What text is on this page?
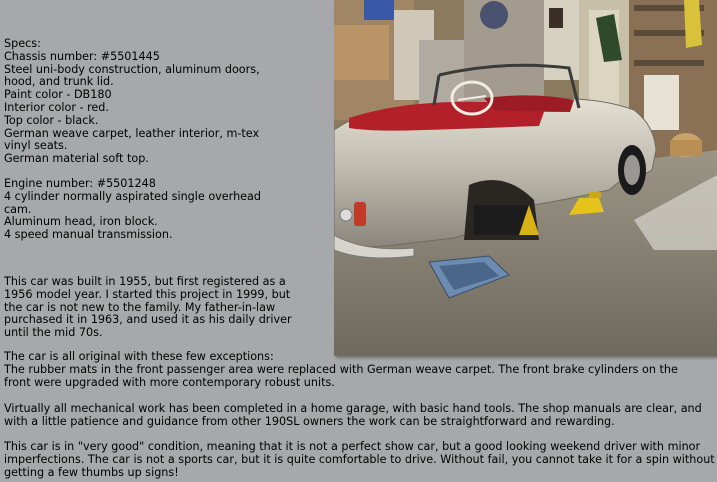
Specs:

Chassis number: #5501445

Steel uni-body construction, aluminum doors,

hood, and trunk lid.

Paint color - DB180

Interior color - red.

Top color - black.

German weave carpet, leather interior, m-tex

vinyl seats.

German material soft top.

Engine number: #5501248

4 cylinder normally aspirated single overhead

cam.

Aluminum head, iron block.

4 speed manual transmission.

This car was built in 1955, but first registered as a

1956 model year. I started this project in 1999, but

the car is not new to the family. My father-in-law

purchased it in 1963, and used it as his daily driver

until the mid 70s.

The car is all original with these few exceptions:

The rubber mats in the front passenger area were replaced with German weave carpet. The front brake cylinders on the

front were upgraded with more contemporary robust units.

Virtually all mechanical work has been completed in a home garage, with basic hand tools. The shop manuals are clear, and

with a little patience and guidance from other 190SL owners the work can be straightforward and rewarding.

This car is in "very good" condition, meaning that it is not a perfect show car, but a good looking weekend driver with minor

imperfections. The car is not a sports car, but it is quite comfortable to drive. Without fail, you cannot take it for a spin without

getting a few thumbs up signs!
